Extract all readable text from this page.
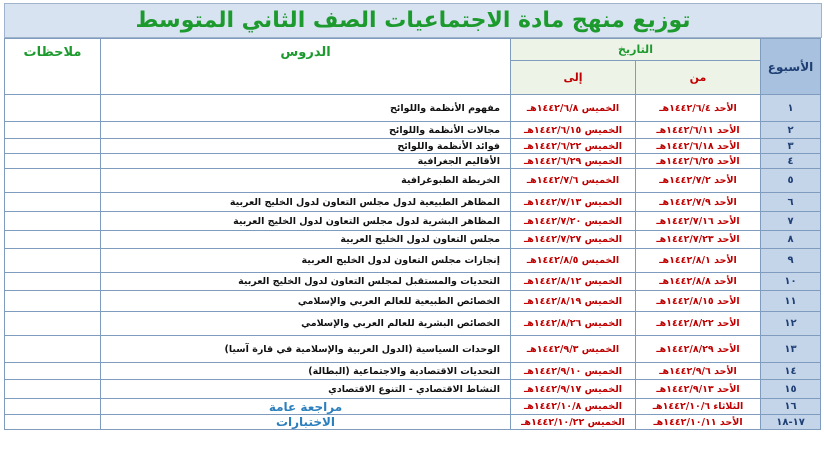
توزيع منهج مادة الاجتماعيات الصف الثاني المتوسط
الأسبوع	التاريخ		الدروس	ملاحظات
	من	إلى		
١	الأحد ١٤٤٢/٦/٤هـ	الخميس ١٤٤٢/٦/٨هـ	مفهوم الأنظمة واللوائح	

٢	الأحد ١٤٤٢/٦/١١هـ	الخميس ١٤٤٢/٦/١٥هـ	مجالات الأنظمة واللوائح	

٣	الأحد ١٤٤٢/٦/١٨هـ	الخميس ١٤٤٢/٦/٢٢هـ	فوائد الأنظمة واللوائح	

٤	الأحد ١٤٤٢/٦/٢٥هـ	الخميس ١٤٤٢/٦/٢٩هـ	الأقاليم الجغرافية	

٥	الأحد ١٤٤٢/٧/٢هـ	الخميس ١٤٤٢/٧/٦هـ	الخريطة الطبوغرافية	

٦	الأحد ١٤٤٢/٧/٩هـ	الخميس ١٤٤٢/٧/١٣هـ	المظاهر الطبيعية لدول مجلس التعاون لدول الخليج العربية	

٧	الأحد ١٤٤٢/٧/١٦هـ	الخميس ١٤٤٢/٧/٢٠هـ	المظاهر البشرية لدول مجلس التعاون لدول الخليج العربية	

٨	الأحد ١٤٤٢/٧/٢٣هـ	الخميس ١٤٤٢/٧/٢٧هـ	مجلس التعاون لدول الخليج العربية	

٩	الأحد ١٤٤٢/٨/١هـ	الخميس ١٤٤٢/٨/٥هـ	إنجازات مجلس التعاون لدول الخليج العربية	

١٠	الأحد ١٤٤٢/٨/٨هـ	الخميس ١٤٤٢/٨/١٢هـ	التحديات والمستقبل لمجلس التعاون لدول الخليج العربية	

١١	الأحد ١٤٤٢/٨/١٥هـ	الخميس ١٤٤٢/٨/١٩هـ	الخصائص الطبيعية للعالم العربي والإسلامي	

١٢	الأحد ١٤٤٢/٨/٢٢هـ	الخميس ١٤٤٢/٨/٢٦هـ	الخصائص البشرية للعالم العربي والإسلامي	

١٣	الأحد ١٤٤٢/٨/٢٩هـ	الخميس ١٤٤٢/٩/٣هـ	الوحدات السياسية (الدول العربية والإسلامية في قارة آسيا)	

١٤	الأحد ١٤٤٢/٩/٦هـ	الخميس ١٤٤٢/٩/١٠هـ	التحديات الاقتصادية والاجتماعية (البطالة)	

١٥	الأحد ١٤٤٢/٩/١٣هـ	الخميس ١٤٤٢/٩/١٧هـ	النشاط الاقتصادي - التنوع الاقتصادي	

١٦	الثلاثاء ١٤٤٢/١٠/٦هـ	الخميس ١٤٤٢/١٠/٨هـ	مراجعة عامة	

١٧-١٨	الأحد ١٤٤٢/١٠/١١هـ	الخميس ١٤٤٢/١٠/٢٢هـ	الاختبارات	
